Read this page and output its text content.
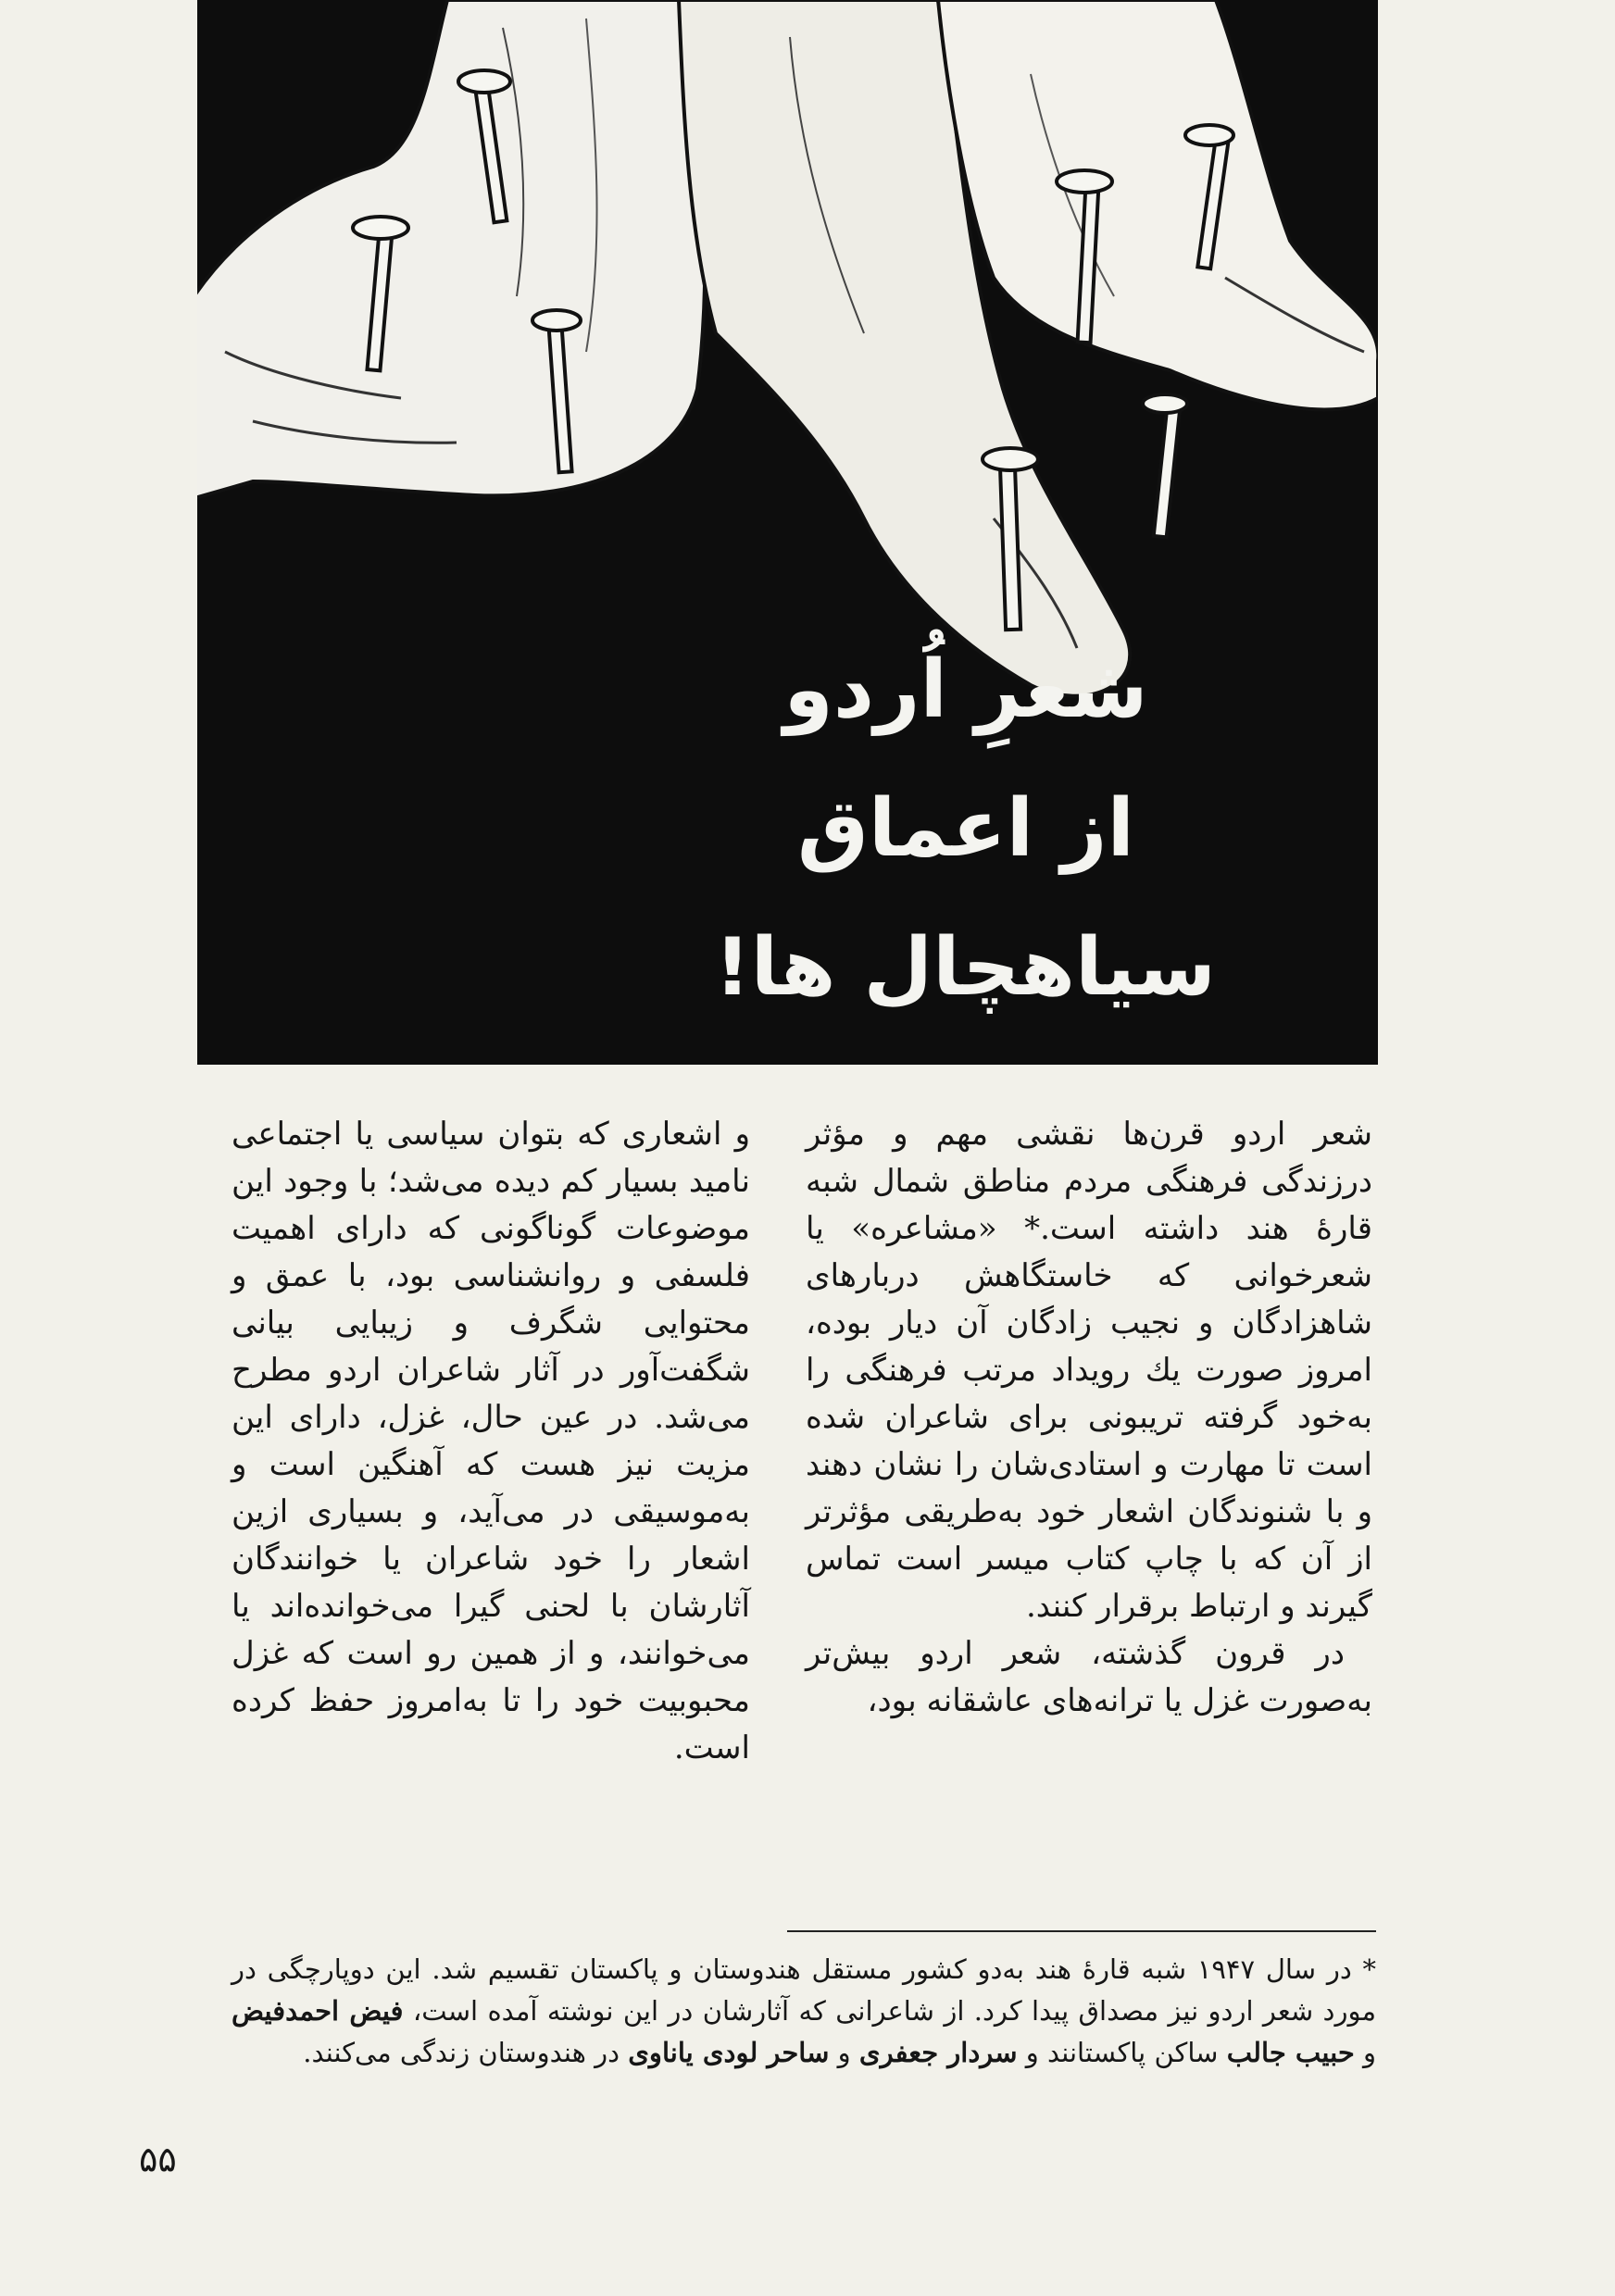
شعرِ اُردو
از اعماق
سیاهچال ها!

شعر اردو قرن‌ها نقشی مهم و مؤثر درزندگی فرهنگی مردم مناطق شمال شبه قارهٔ هند داشته است.* «مشاعره» یا شعرخوانی که خاستگاهش دربارهای شاهزادگان و نجیب زادگان آن دیار بوده، امروز صورت یك رویداد مرتب فرهنگی را به‌خود گرفته تریبونی برای شاعران شده است تا مهارت و استادی‌شان را نشان دهند و با شنوندگان اشعار خود به‌طریقی مؤثرتر از آن که با چاپ کتاب میسر است تماس گیرند و ارتباط برقرار کنند.

در قرون گذشته، شعر اردو بیش‌تر به‌صورت غزل یا ترانه‌های عاشقانه بود،

و اشعاری که بتوان سیاسی یا اجتماعی نامید بسیار کم دیده می‌شد؛ با وجود این موضوعات گوناگونی که دارای اهمیت فلسفی و روانشناسی بود، با عمق و محتوایی شگرف و زیبایی بیانی شگفت‌آور در آثار شاعران اردو مطرح می‌شد. در عین حال، غزل، دارای این مزیت نیز هست که آهنگین است و به‌موسیقی در می‌آید، و بسیاری ازین اشعار را خود شاعران یا خوانندگان آثارشان با لحنی گیرا می‌خوانده‌اند یا می‌خوانند، و از همین رو است که غزل محبوبیت خود را تا به‌امروز حفظ کرده است.

* در سال ۱۹۴۷ شبه قارهٔ هند به‌دو کشور مستقل هندوستان و پاکستان تقسیم شد. این دوپارچگی در مورد شعر اردو نیز مصداق پیدا کرد. از شاعرانی که آثارشان در این نوشته آمده است، فیض احمدفیض و حبیب جالب ساکن پاکستانند و سردار جعفری و ساحر لودی یاناوی در هندوستان زندگی می‌کنند.
۵۵
